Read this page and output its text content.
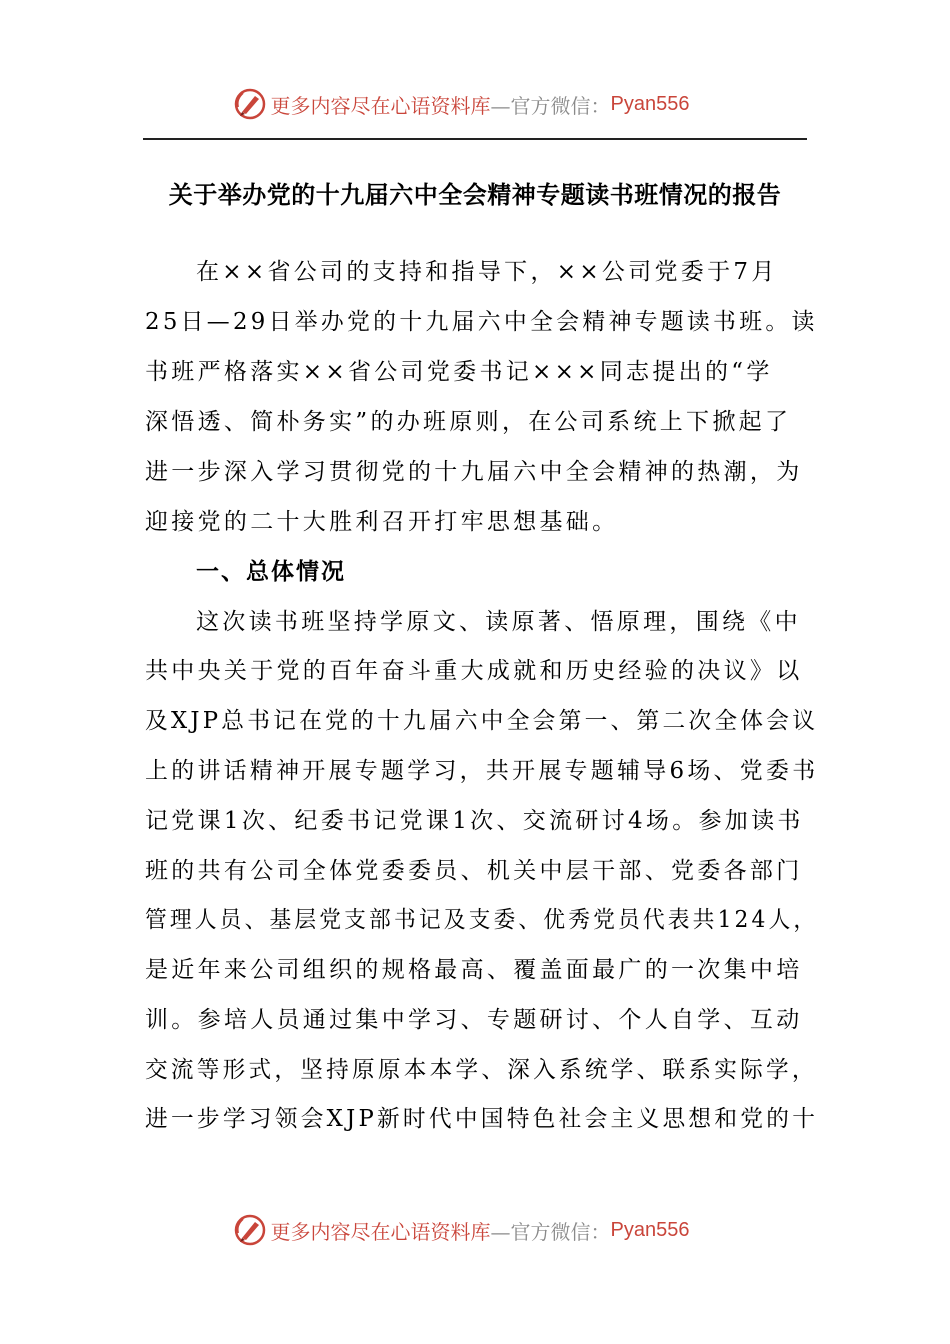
更多内容尽在心语资料库 —官方微信： Pyan556
关于举办党的十九届六中全会精神专题读书班情况的报告
在××省公司的支持和指导下，××公司党委于7月
25日—29日举办党的十九届六中全会精神专题读书班。读
书班严格落实××省公司党委书记×××同志提出的“学
深悟透、简朴务实”的办班原则，在公司系统上下掀起了
进一步深入学习贯彻党的十九届六中全会精神的热潮，为
迎接党的二十大胜利召开打牢思想基础。
一、总体情况
这次读书班坚持学原文、读原著、悟原理，围绕《中
共中央关于党的百年奋斗重大成就和历史经验的决议》以
及XJP总书记在党的十九届六中全会第一、第二次全体会议
上的讲话精神开展专题学习，共开展专题辅导6场、党委书
记党课1次、纪委书记党课1次、交流研讨4场。参加读书
班的共有公司全体党委委员、机关中层干部、党委各部门
管理人员、基层党支部书记及支委、优秀党员代表共124人，
是近年来公司组织的规格最高、覆盖面最广的一次集中培
训。参培人员通过集中学习、专题研讨、个人自学、互动
交流等形式，坚持原原本本学、深入系统学、联系实际学，
进一步学习领会XJP新时代中国特色社会主义思想和党的十
更多内容尽在心语资料库 —官方微信： Pyan556
